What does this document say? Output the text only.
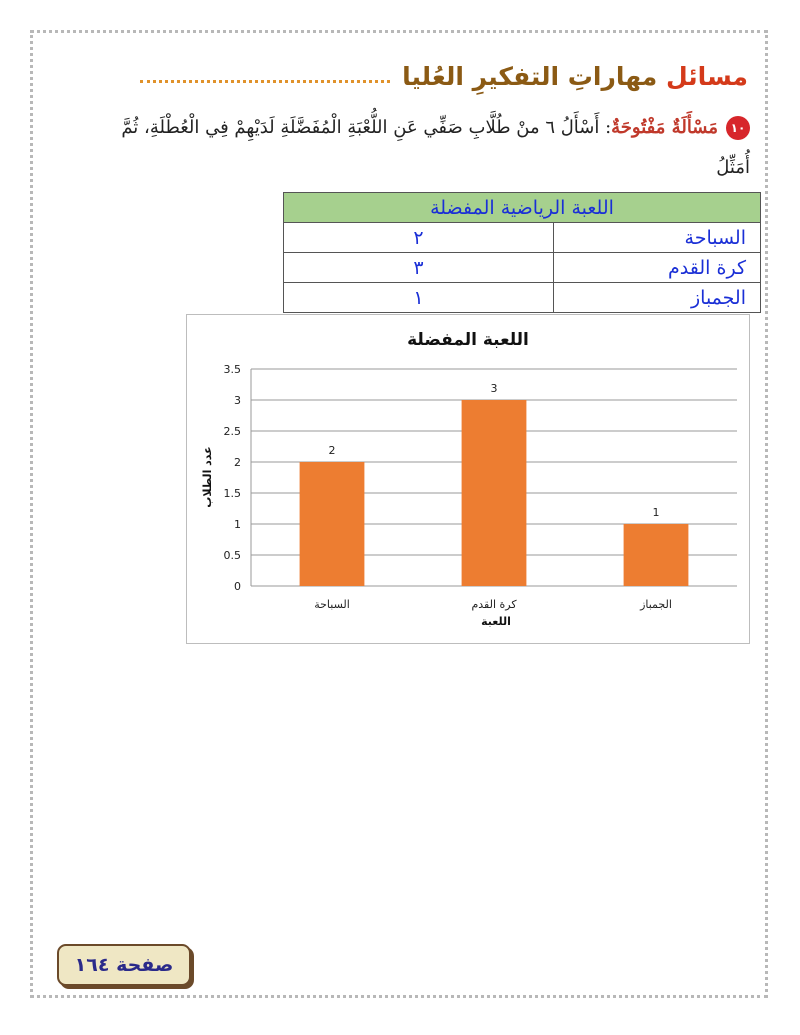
مسائل مهاراتِ التفكيرِ العُليا
١٠مَسْأَلَةٌ مَفْتُوحَةٌ: أَسْأَلُ ٦ منْ طُلَّابِ صَفِّي عَنِ اللُّعْبَةِ الْمُفَضَّلَةِ لَدَيْهِمْ فِي الْعُطْلَةِ، ثُمَّ أُمَثِّلُ

اللعبة الرياضية المفضلة	
السباحة	٢
كرة القدم	٣
الجمباز	١
اللعبة المفضلة
0
0.5
1
1.5
2
2.5
3
3.5
2
السباحة
3
كرة القدم
1
الجمباز
اللعبة
عدد الطلاب
صفحة ١٦٤
